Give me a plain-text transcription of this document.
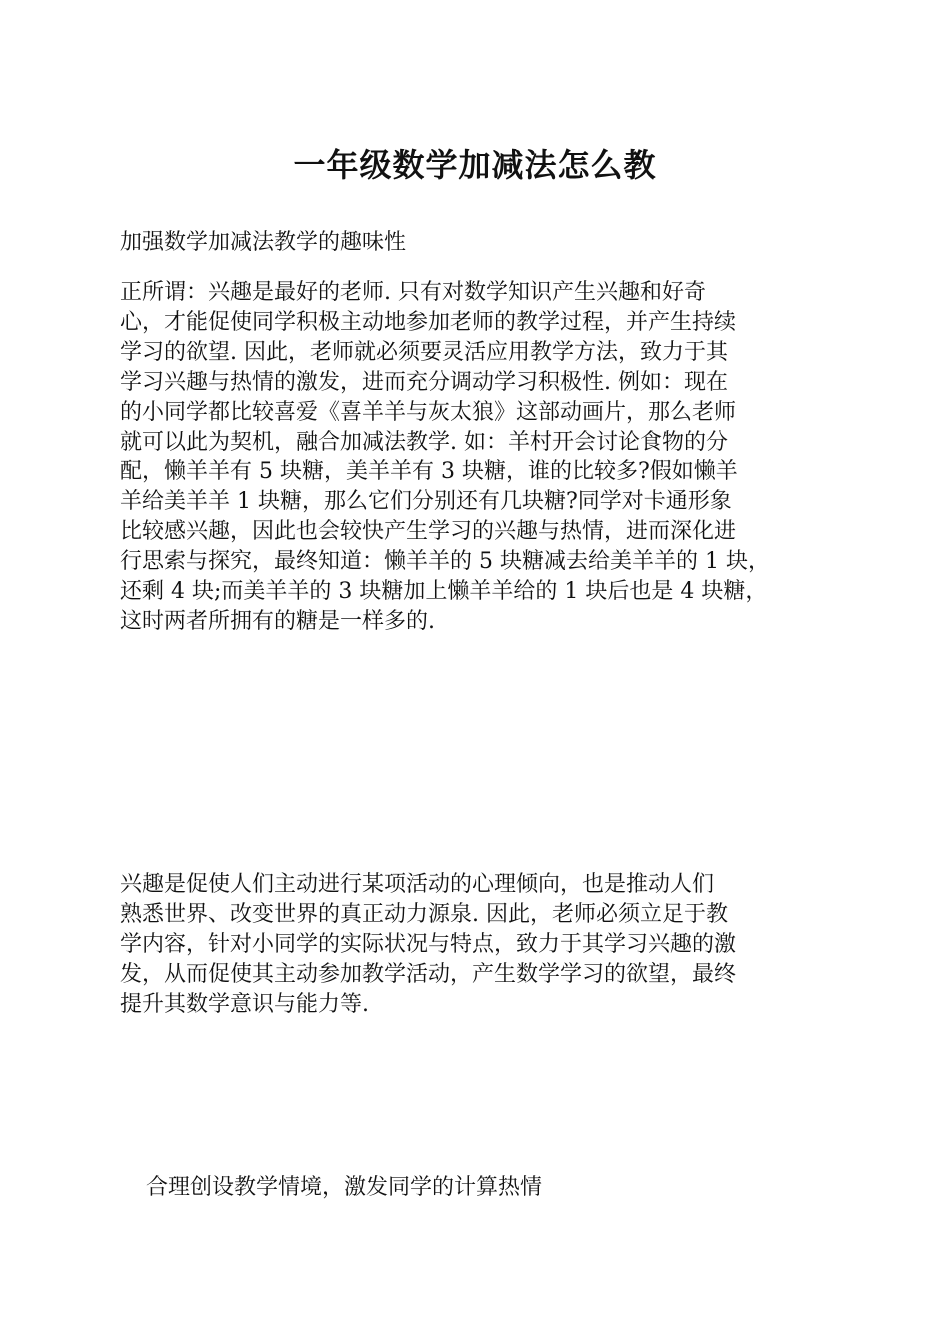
一年级数学加减法怎么教

加强数学加减法教学的趣味性

正所谓：兴趣是最好的老师. 只有对数学知识产生兴趣和好奇
心，才能促使同学积极主动地参加老师的教学过程，并产生持续
学习的欲望. 因此，老师就必须要灵活应用教学方法，致力于其
学习兴趣与热情的激发，进而充分调动学习积极性. 例如：现在
的小同学都比较喜爱《喜羊羊与灰太狼》这部动画片，那么老师
就可以此为契机，融合加减法教学. 如：羊村开会讨论食物的分
配，懒羊羊有 5 块糖，美羊羊有 3 块糖，谁的比较多?假如懒羊
羊给美羊羊 1 块糖，那么它们分别还有几块糖?同学对卡通形象
比较感兴趣，因此也会较快产生学习的兴趣与热情，进而深化进
行思索与探究，最终知道：懒羊羊的 5 块糖减去给美羊羊的 1 块，
还剩 4 块;而美羊羊的 3 块糖加上懒羊羊给的 1 块后也是 4 块糖，
这时两者所拥有的糖是一样多的.

兴趣是促使人们主动进行某项活动的心理倾向，也是推动人们
熟悉世界、改变世界的真正动力源泉. 因此，老师必须立足于教
学内容，针对小同学的实际状况与特点，致力于其学习兴趣的激
发，从而促使其主动参加教学活动，产生数学学习的欲望，最终
提升其数学意识与能力等.

合理创设教学情境，激发同学的计算热情
